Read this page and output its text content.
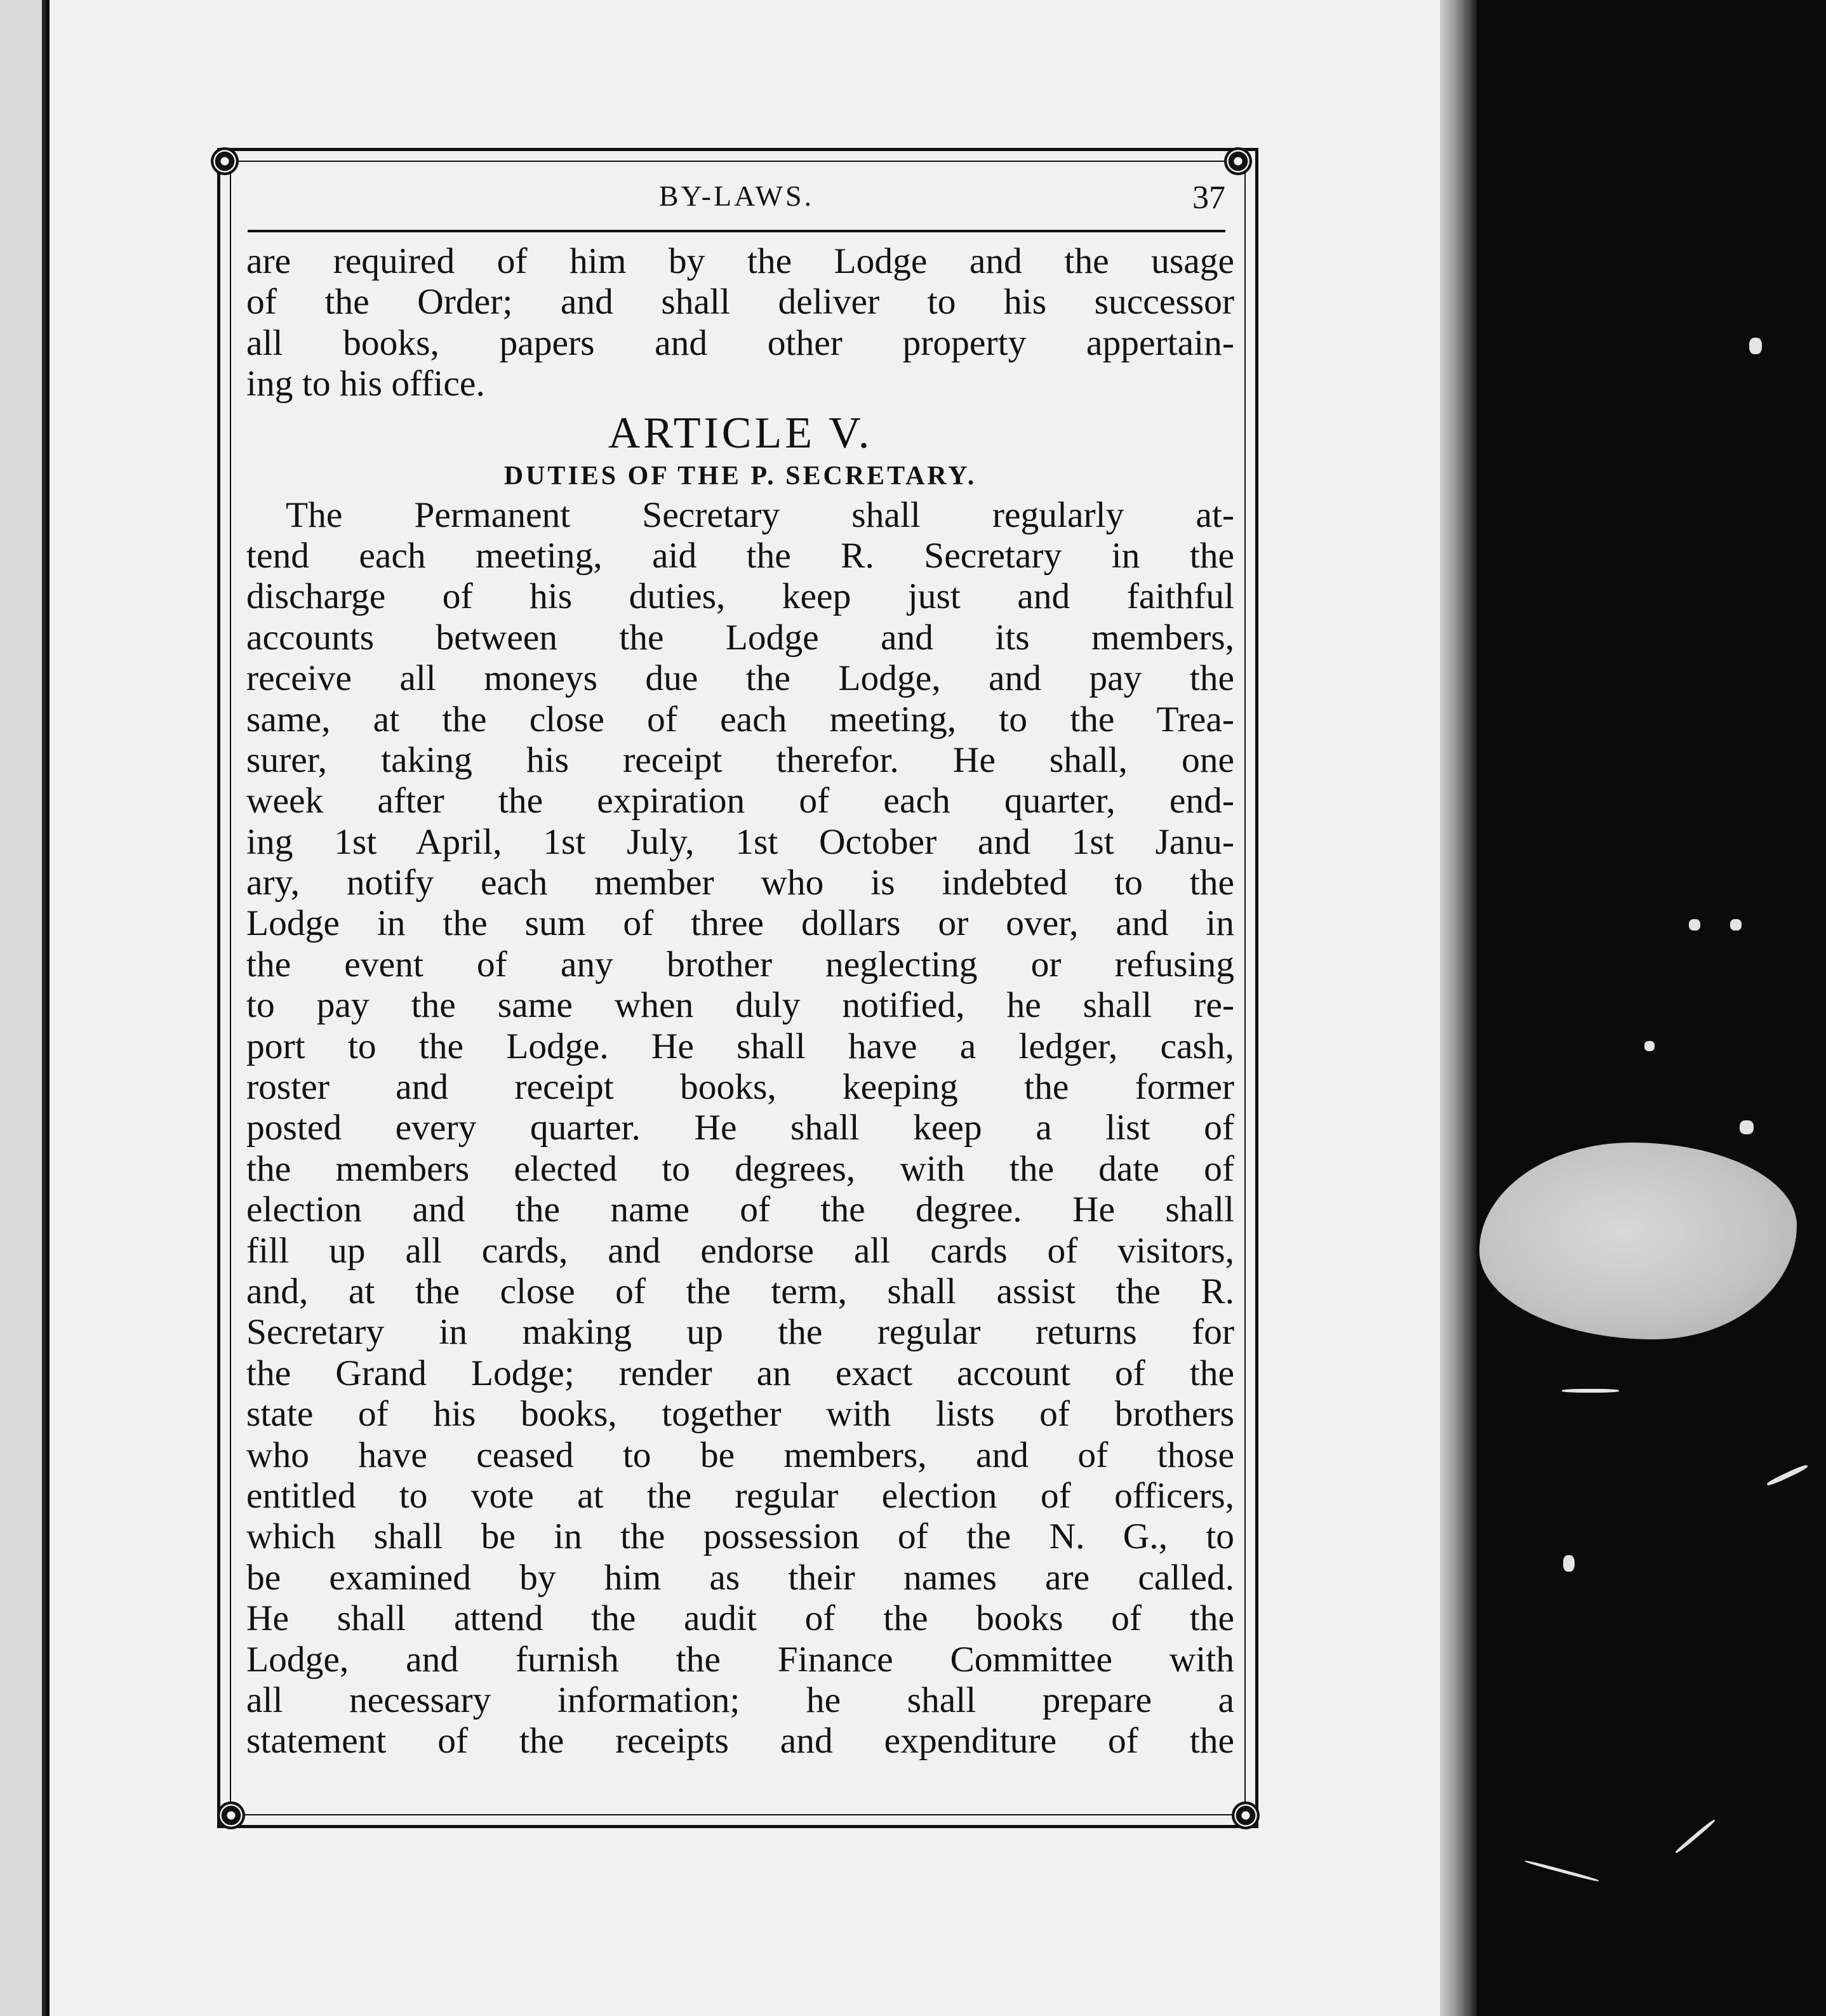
BY-LAWS.	37
are required of him by the Lodge and the usage
of the Order; and shall deliver to his successor
all books, papers and other property appertain-
ing to his office.
ARTICLE V.
DUTIES OF THE P. SECRETARY.
The Permanent Secretary shall regularly at-
tend each meeting, aid the R. Secretary in the
discharge of his duties, keep just and faithful
accounts between the Lodge and its members,
receive all moneys due the Lodge, and pay the
same, at the close of each meeting, to the Trea-
surer, taking his receipt therefor. He shall, one
week after the expiration of each quarter, end-
ing 1st April, 1st July, 1st October and 1st Janu-
ary, notify each member who is indebted to the
Lodge in the sum of three dollars or over, and in
the event of any brother neglecting or refusing
to pay the same when duly notified, he shall re-
port to the Lodge. He shall have a ledger, cash,
roster and receipt books, keeping the former
posted every quarter. He shall keep a list of
the members elected to degrees, with the date of
election and the name of the degree. He shall
fill up all cards, and endorse all cards of visitors,
and, at the close of the term, shall assist the R.
Secretary in making up the regular returns for
the Grand Lodge; render an exact account of the
state of his books, together with lists of brothers
who have ceased to be members, and of those
entitled to vote at the regular election of officers,
which shall be in the possession of the N. G., to
be examined by him as their names are called.
He shall attend the audit of the books of the
Lodge, and furnish the Finance Committee with
all necessary information; he shall prepare a
statement of the receipts and expenditure of the
